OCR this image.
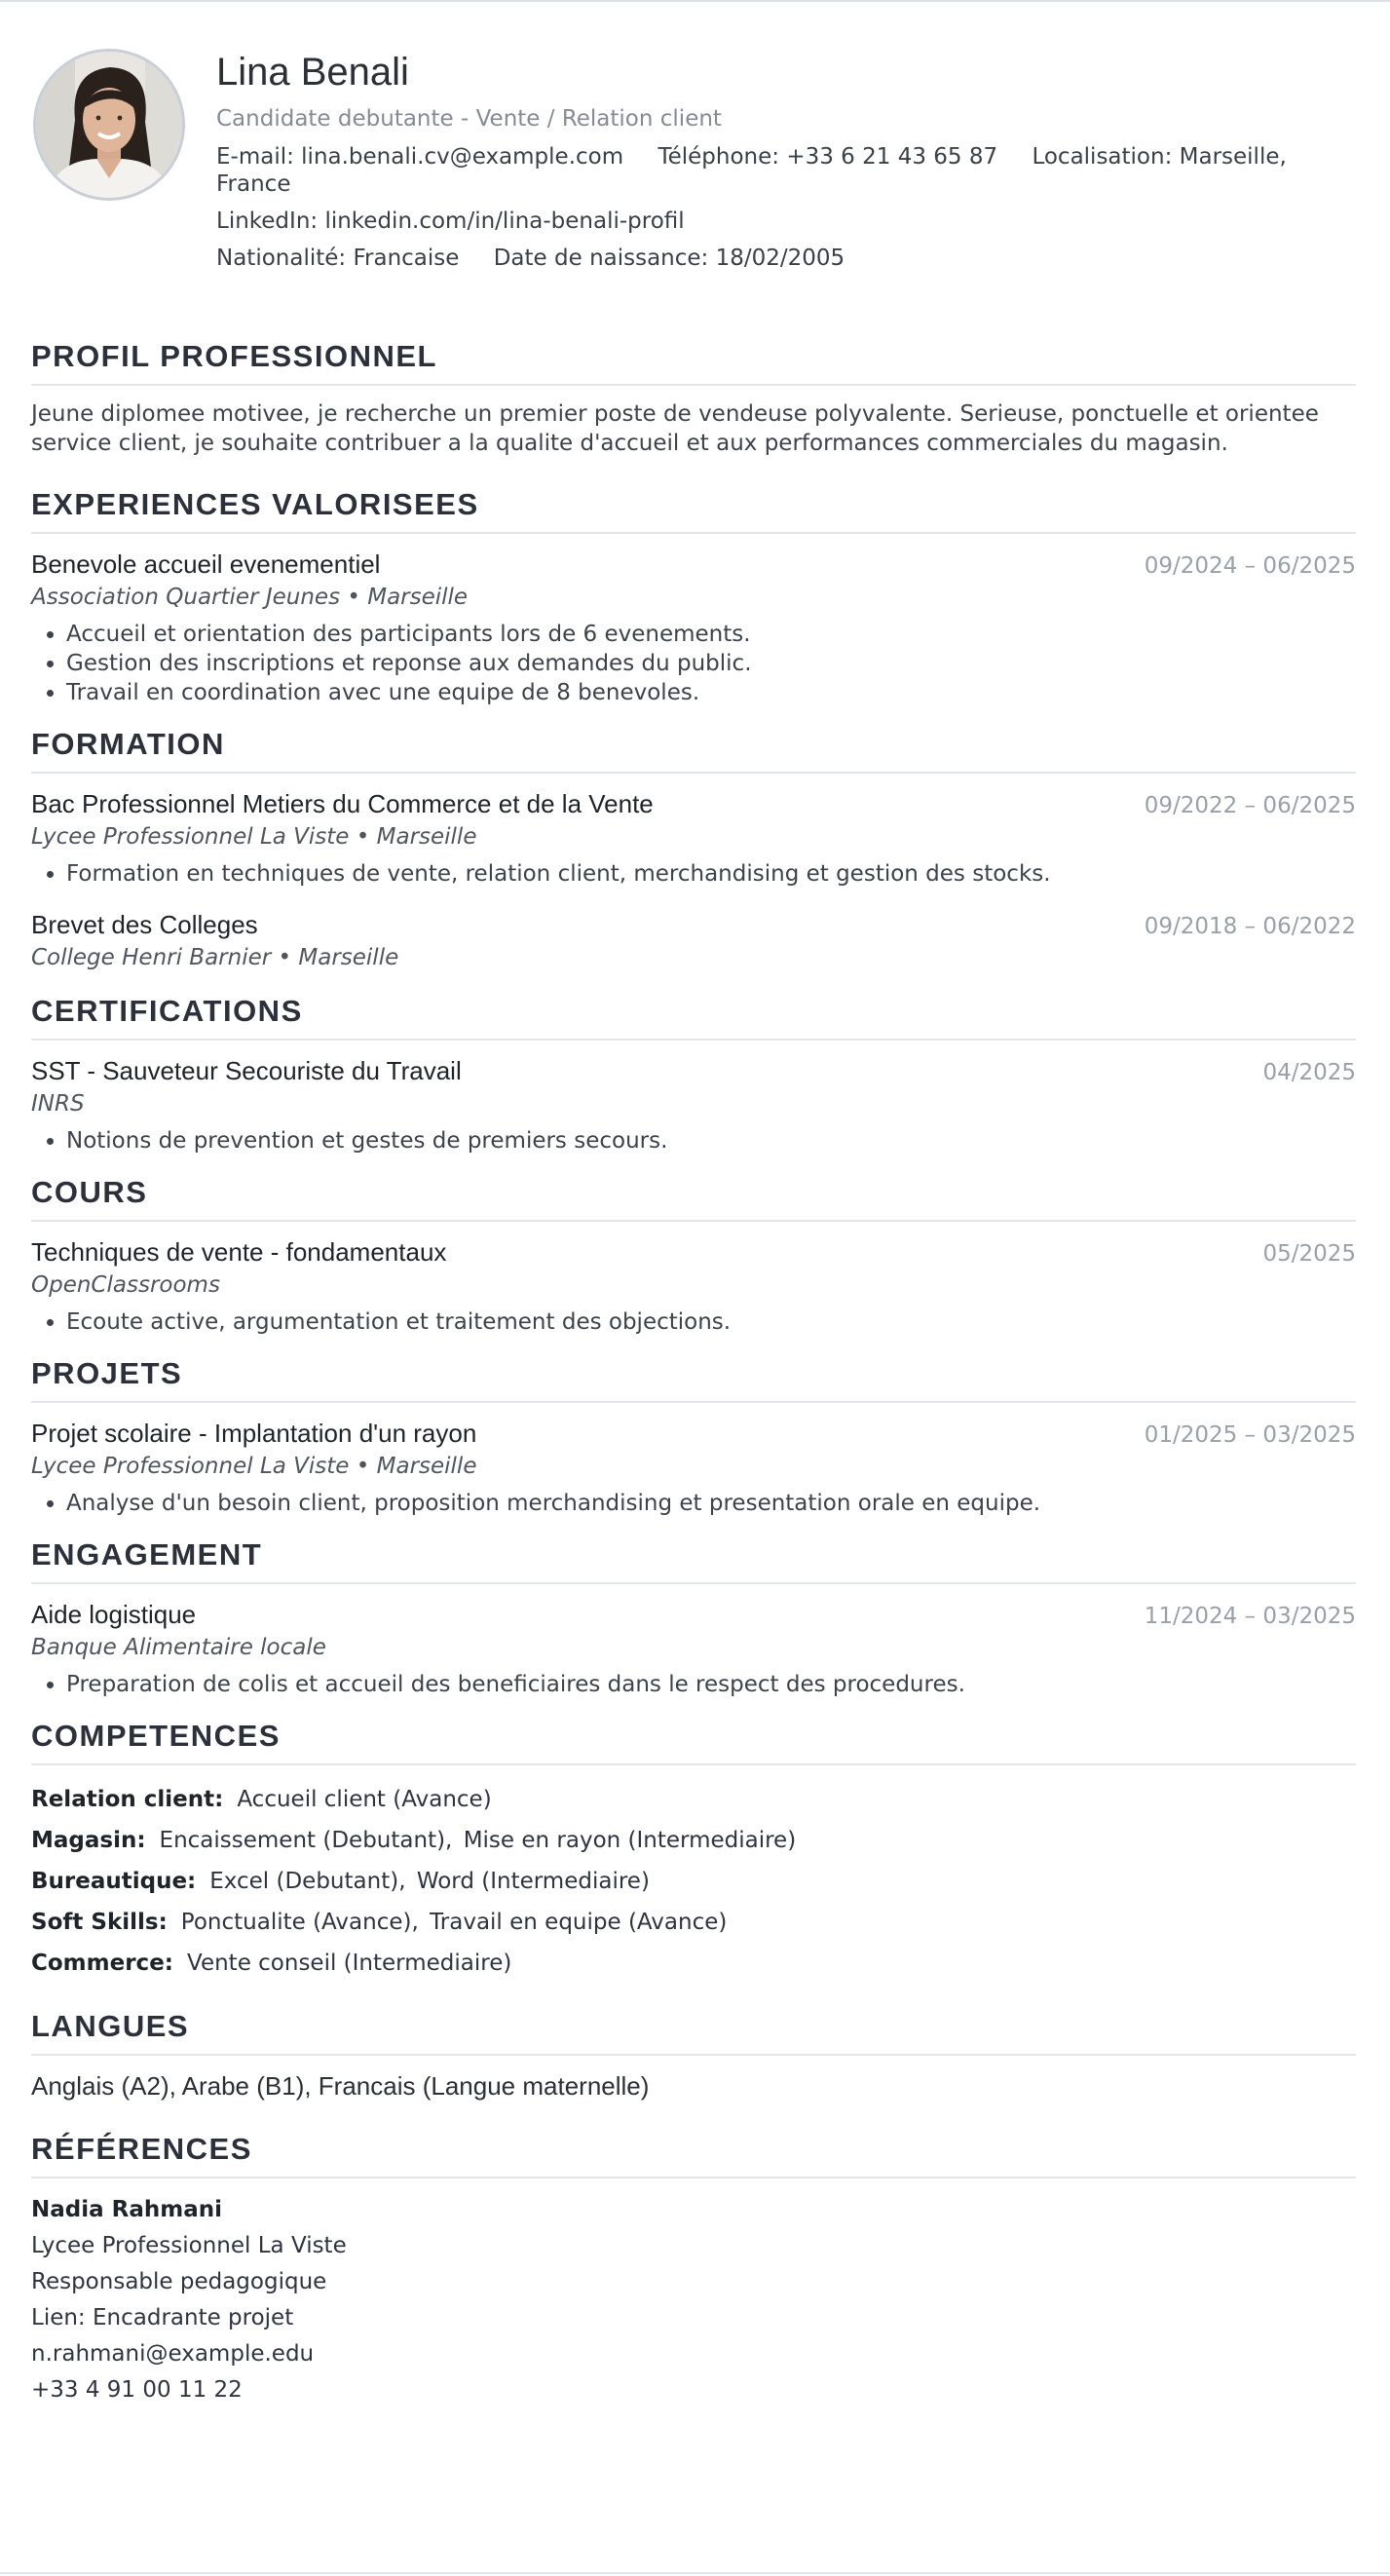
Lina Benali
Candidate debutante - Vente / Relation client
E-mail: lina.benali.cv@example.com Téléphone: +33 6 21 43 65 87 Localisation: Marseille, France
LinkedIn: linkedin.com/in/lina-benali-profil
Nationalité: Francaise Date de naissance: 18/02/2005
PROFIL PROFESSIONNEL
Jeune diplomee motivee, je recherche un premier poste de vendeuse polyvalente. Serieuse, ponctuelle et orientee service client, je souhaite contribuer a la qualite d'accueil et aux performances commerciales du magasin.
EXPERIENCES VALORISEES
Benevole accueil evenementiel	09/2024 – 06/2025
Association Quartier Jeunes • Marseille
• Accueil et orientation des participants lors de 6 evenements.
• Gestion des inscriptions et reponse aux demandes du public.
• Travail en coordination avec une equipe de 8 benevoles.
FORMATION
Bac Professionnel Metiers du Commerce et de la Vente	09/2022 – 06/2025
Lycee Professionnel La Viste • Marseille
• Formation en techniques de vente, relation client, merchandising et gestion des stocks.
Brevet des Colleges	09/2018 – 06/2022
College Henri Barnier • Marseille
CERTIFICATIONS
SST - Sauveteur Secouriste du Travail	04/2025
INRS
• Notions de prevention et gestes de premiers secours.
COURS
Techniques de vente - fondamentaux	05/2025
OpenClassrooms
• Ecoute active, argumentation et traitement des objections.
PROJETS
Projet scolaire - Implantation d'un rayon	01/2025 – 03/2025
Lycee Professionnel La Viste • Marseille
• Analyse d'un besoin client, proposition merchandising et presentation orale en equipe.
ENGAGEMENT
Aide logistique	11/2024 – 03/2025
Banque Alimentaire locale
• Preparation de colis et accueil des beneficiaires dans le respect des procedures.
COMPETENCES
Relation client: Accueil client (Avance)
Magasin: Encaissement (Debutant), Mise en rayon (Intermediaire)
Bureautique: Excel (Debutant), Word (Intermediaire)
Soft Skills: Ponctualite (Avance), Travail en equipe (Avance)
Commerce: Vente conseil (Intermediaire)
LANGUES
Anglais (A2), Arabe (B1), Francais (Langue maternelle)
RÉFÉRENCES
Nadia Rahmani
Lycee Professionnel La Viste
Responsable pedagogique
Lien: Encadrante projet
n.rahmani@example.edu
+33 4 91 00 11 22
